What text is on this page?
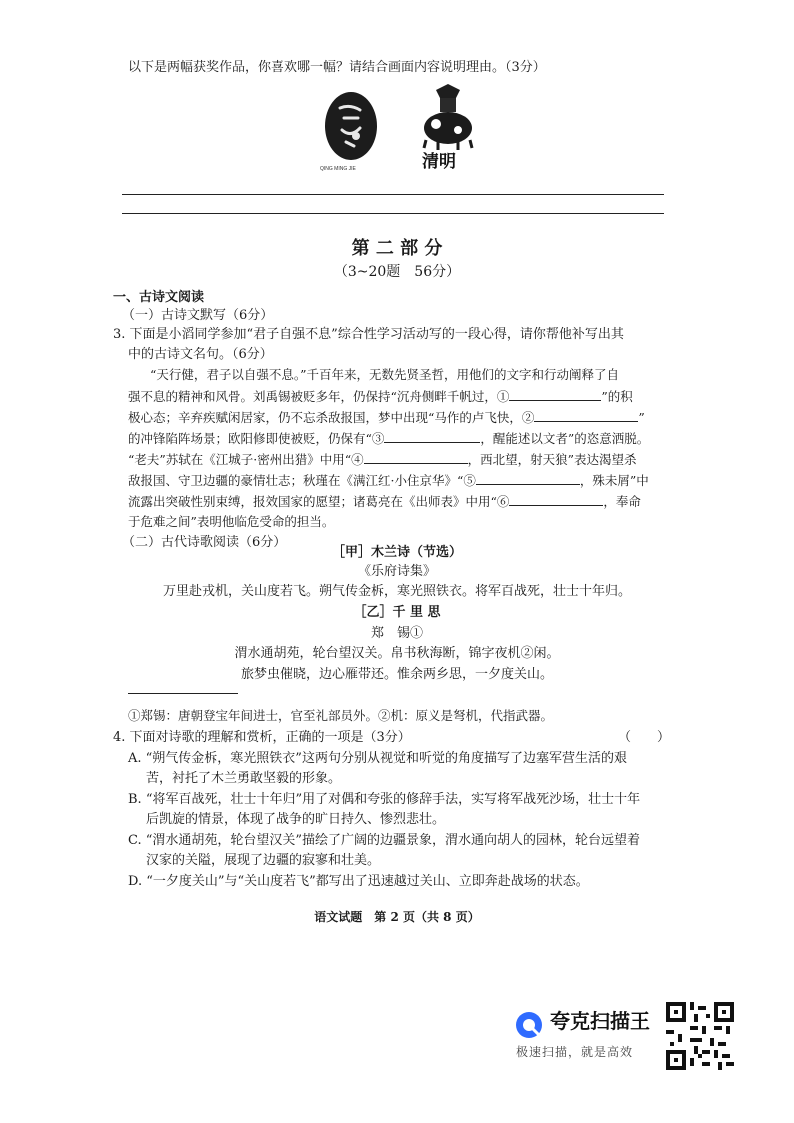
以下是两幅获奖作品，你喜欢哪一幅？请结合画面内容说明理由。（3分）
QING MING JIE	清明
第 二 部 分
（3~20题　56分）
一、古诗文阅读
（一）古诗文默写（6分）
3. 下面是小滔同学参加“君子自强不息”综合性学习活动写的一段心得，请你帮他补写出其
中的古诗文名句。（6分）
“天行健，君子以自强不息。”千百年来，无数先贤圣哲，用他们的文字和行动阐释了自
强不息的精神和风骨。刘禹锡被贬多年，仍保持“沉舟侧畔千帆过，①	”的积
极心态；辛弃疾赋闲居家，仍不忘杀敌报国，梦中出现“马作的卢飞快，②	”
的冲锋陷阵场景；欧阳修即使被贬，仍保有“③	，醒能述以文者”的恣意洒脱。
“老夫”苏轼在《江城子·密州出猎》中用“④	，西北望，射天狼”表达渴望杀
敌报国、守卫边疆的豪情壮志；秋瑾在《满江红·小住京华》“⑤	，殊未屑”中
流露出突破性别束缚，报效国家的愿望；诸葛亮在《出师表》中用“⑥	，奉命
于危难之间”表明他临危受命的担当。
（二）古代诗歌阅读（6分）
［甲］木兰诗（节选）
《乐府诗集》
万里赴戎机，关山度若飞。朔气传金柝，寒光照铁衣。将军百战死，壮士十年归。
［乙］千 里 思
郑　锡①
渭水通胡苑，轮台望汉关。帛书秋海断，锦字夜机②闲。
旅梦虫催晓，边心雁带还。惟余两乡思，一夕度关山。
①郑锡：唐朝登宝年间进士，官至礼部员外。②机：原义是弩机，代指武器。
4. 下面对诗歌的理解和赏析，正确的一项是（3分）	（　　）
A. “朔气传金柝，寒光照铁衣”这两句分别从视觉和听觉的角度描写了边塞军营生活的艰
苦，衬托了木兰勇敢坚毅的形象。
B. “将军百战死，壮士十年归”用了对偶和夸张的修辞手法，实写将军战死沙场，壮士十年
后凯旋的情景，体现了战争的旷日持久、惨烈悲壮。
C. “渭水通胡苑，轮台望汉关”描绘了广阔的边疆景象，渭水通向胡人的园林，轮台远望着
汉家的关隘，展现了边疆的寂寥和壮美。
D. “一夕度关山”与“关山度若飞”都写出了迅速越过关山、立即奔赴战场的状态。
语文试题　第 2 页（共 8 页）
夸克扫描王
极速扫描，就是高效
